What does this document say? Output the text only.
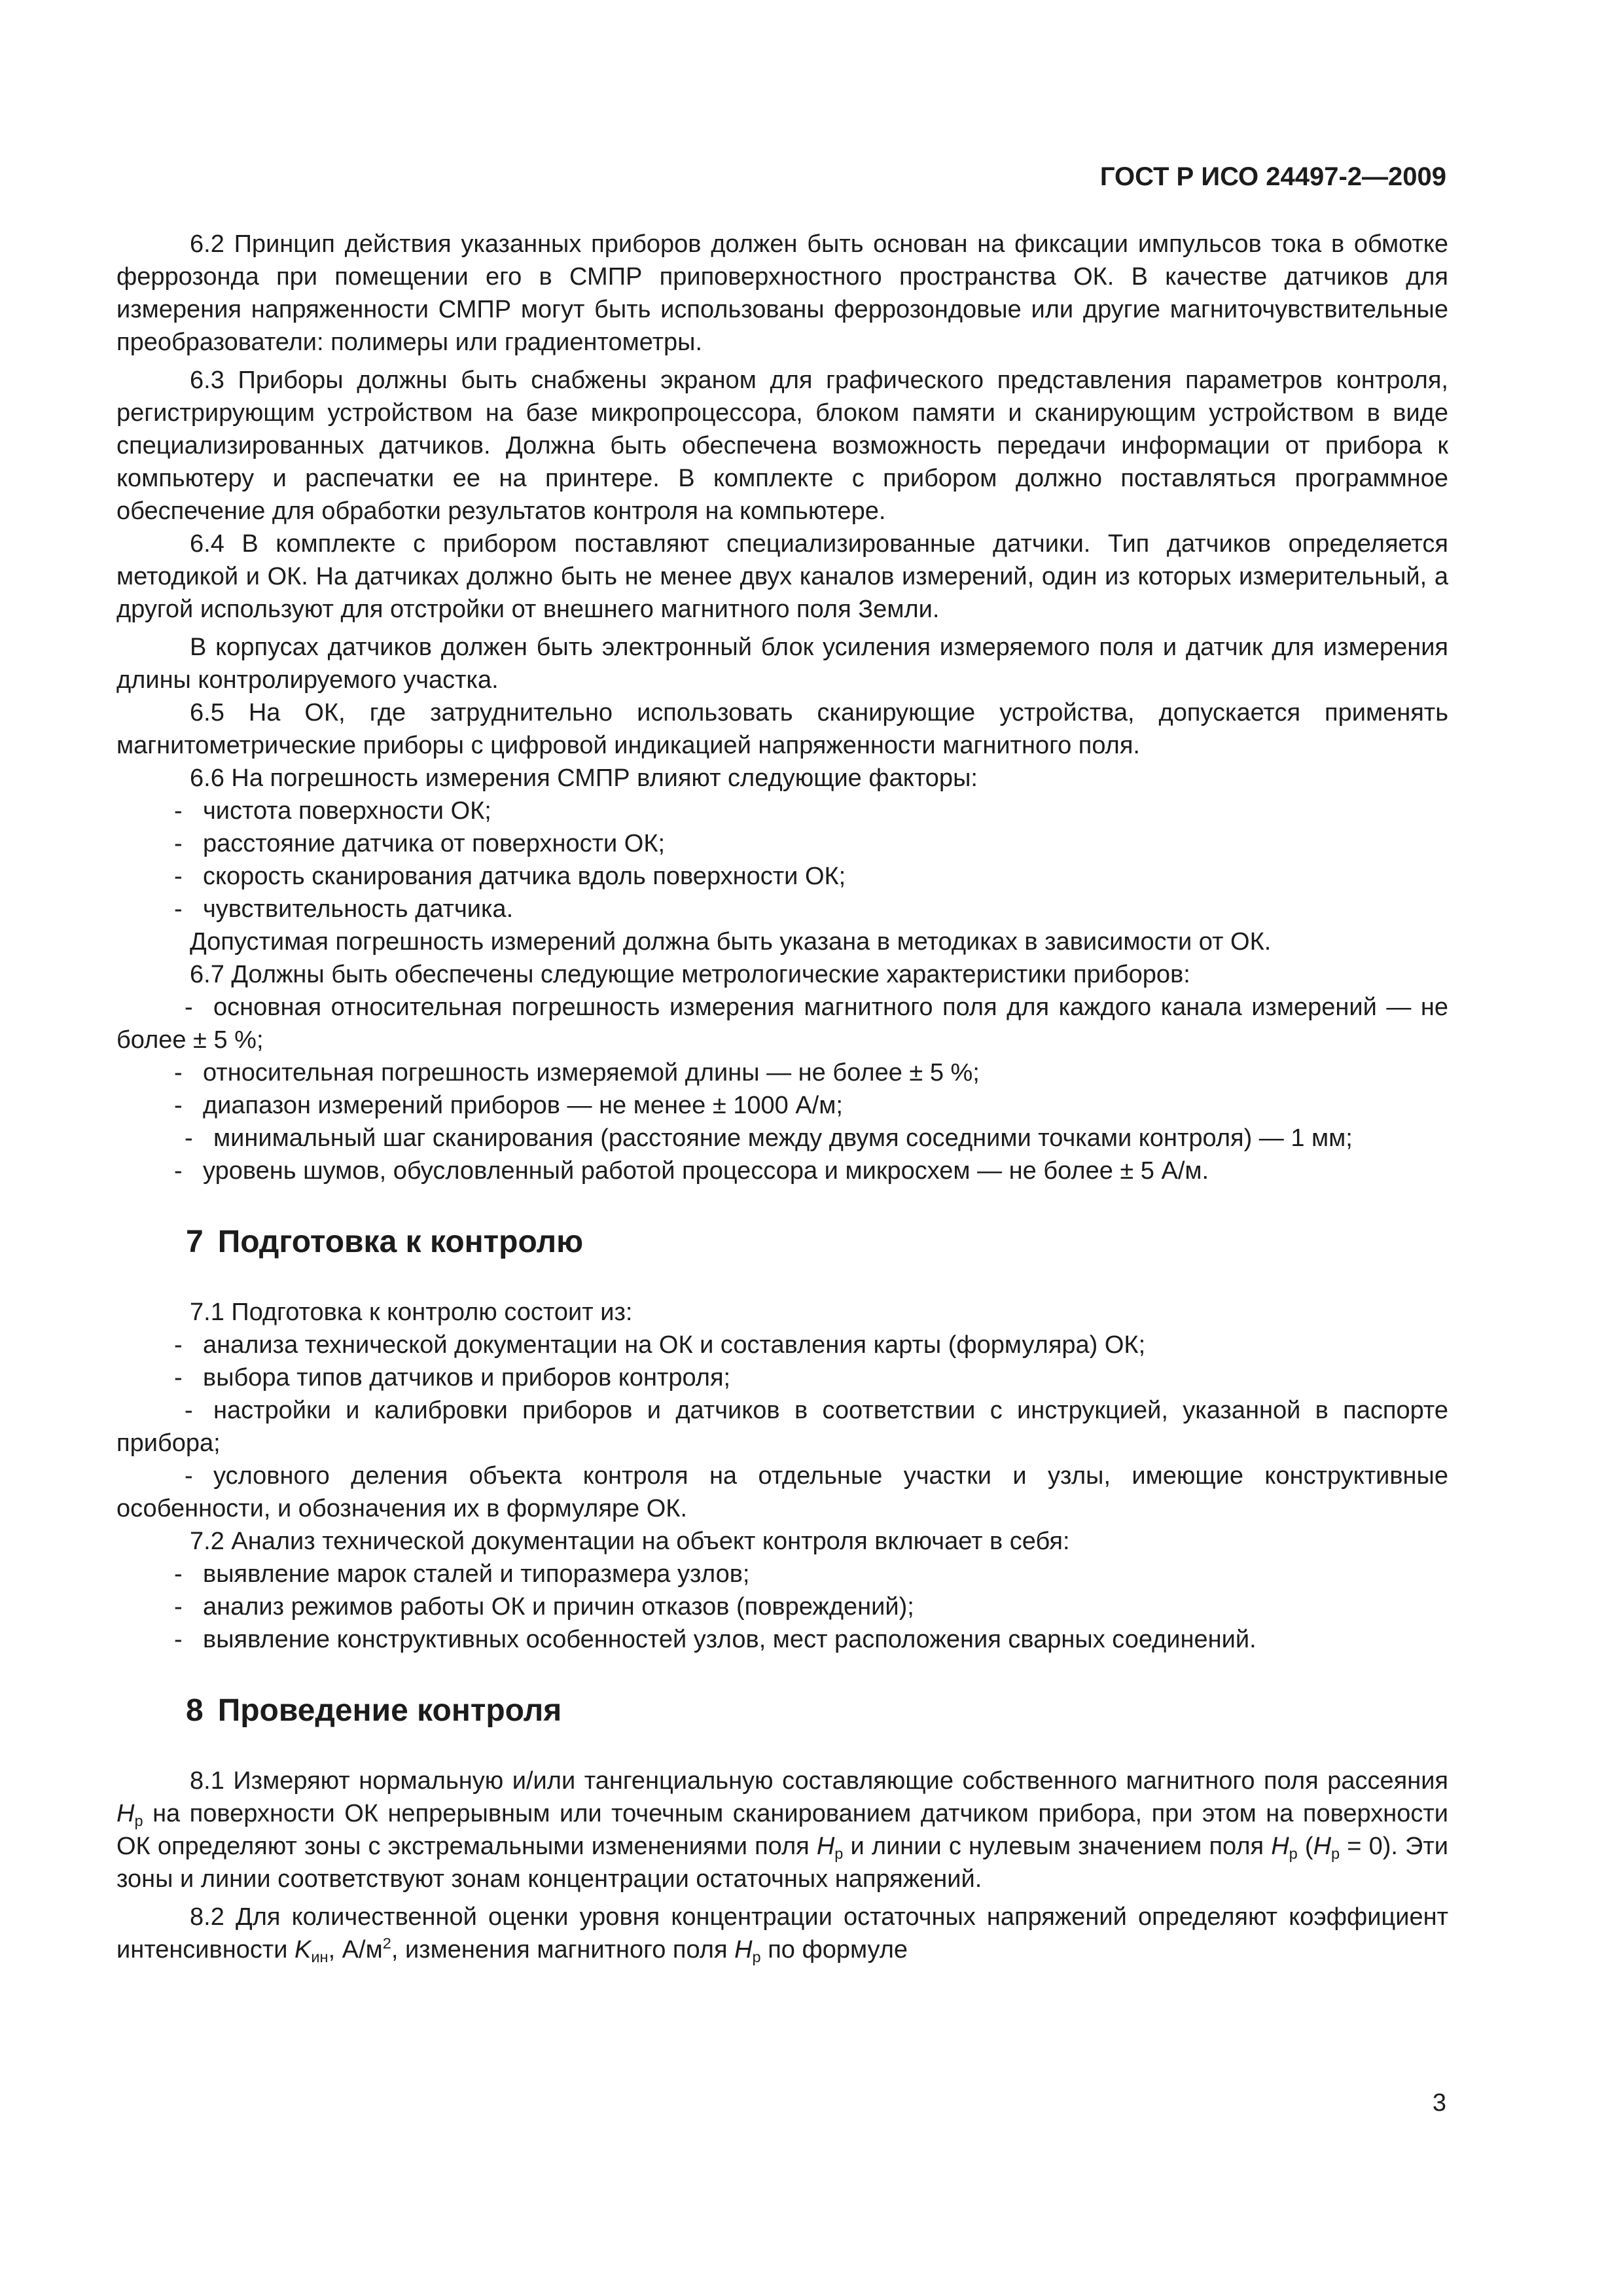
ГОСТ Р ИСО 24497-2—2009

6.2 Принцип действия указанных приборов должен быть основан на фиксации импульсов тока в обмотке феррозонда при помещении его в СМПР приповерхностного пространства ОК. В качестве датчиков для измерения напряженности СМПР могут быть использованы феррозондовые или другие магниточувствительные преобразователи: полимеры или градиентометры.

6.3 Приборы должны быть снабжены экраном для графического представления параметров контроля, регистрирующим устройством на базе микропроцессора, блоком памяти и сканирующим устройством в виде специализированных датчиков. Должна быть обеспечена возможность передачи информации от прибора к компьютеру и распечатки ее на принтере. В комплекте с прибором должно поставляться программное обеспечение для обработки результатов контроля на компьютере.

6.4 В комплекте с прибором поставляют специализированные датчики. Тип датчиков определяется методикой и ОК. На датчиках должно быть не менее двух каналов измерений, один из которых измерительный, а другой используют для отстройки от внешнего магнитного поля Земли.

В корпусах датчиков должен быть электронный блок усиления измеряемого поля и датчик для измерения длины контролируемого участка.

6.5 На ОК, где затруднительно использовать сканирующие устройства, допускается применять магнитометрические приборы с цифровой индикацией напряженности магнитного поля.

6.6 На погрешность измерения СМПР влияют следующие факторы:

- чистота поверхности ОК;
- расстояние датчика от поверхности ОК;
- скорость сканирования датчика вдоль поверхности ОК;
- чувствительность датчика.

Допустимая погрешность измерений должна быть указана в методиках в зависимости от ОК.

6.7 Должны быть обеспечены следующие метрологические характеристики приборов:

- основная относительная погрешность измерения магнитного поля для каждого канала измерений — не более ± 5 %;
- относительная погрешность измеряемой длины — не более ± 5 %;
- диапазон измерений приборов — не менее ± 1000 А/м;
- минимальный шаг сканирования (расстояние между двумя соседними точками контроля) — 1 мм;
- уровень шумов, обусловленный работой процессора и микросхем — не более ± 5 А/м.
7 Подготовка к контролю

7.1 Подготовка к контролю состоит из:

- анализа технической документации на ОК и составления карты (формуляра) ОК;
- выбора типов датчиков и приборов контроля;
- настройки и калибровки приборов и датчиков в соответствии с инструкцией, указанной в паспорте прибора;
- условного деления объекта контроля на отдельные участки и узлы, имеющие конструктивные особенности, и обозначения их в формуляре ОК.

7.2 Анализ технической документации на объект контроля включает в себя:

- выявление марок сталей и типоразмера узлов;
- анализ режимов работы ОК и причин отказов (повреждений);
- выявление конструктивных особенностей узлов, мест расположения сварных соединений.
8 Проведение контроля

8.1 Измеряют нормальную и/или тангенциальную составляющие собственного магнитного поля рассеяния $H_р$ на поверхности ОК непрерывным или точечным сканированием датчиком прибора, при этом на поверхности ОК определяют зоны с экстремальными изменениями поля $H_р$ и линии с нулевым значением поля $H_р$ $(H_р = 0)$. Эти зоны и линии соответствуют зонам концентрации остаточных напряжений.

8.2 Для количественной оценки уровня концентрации остаточных напряжений определяют коэффициент интенсивности $K_{ин}$, $А/м^2$, изменения магнитного поля $H_р$ по формуле

3
